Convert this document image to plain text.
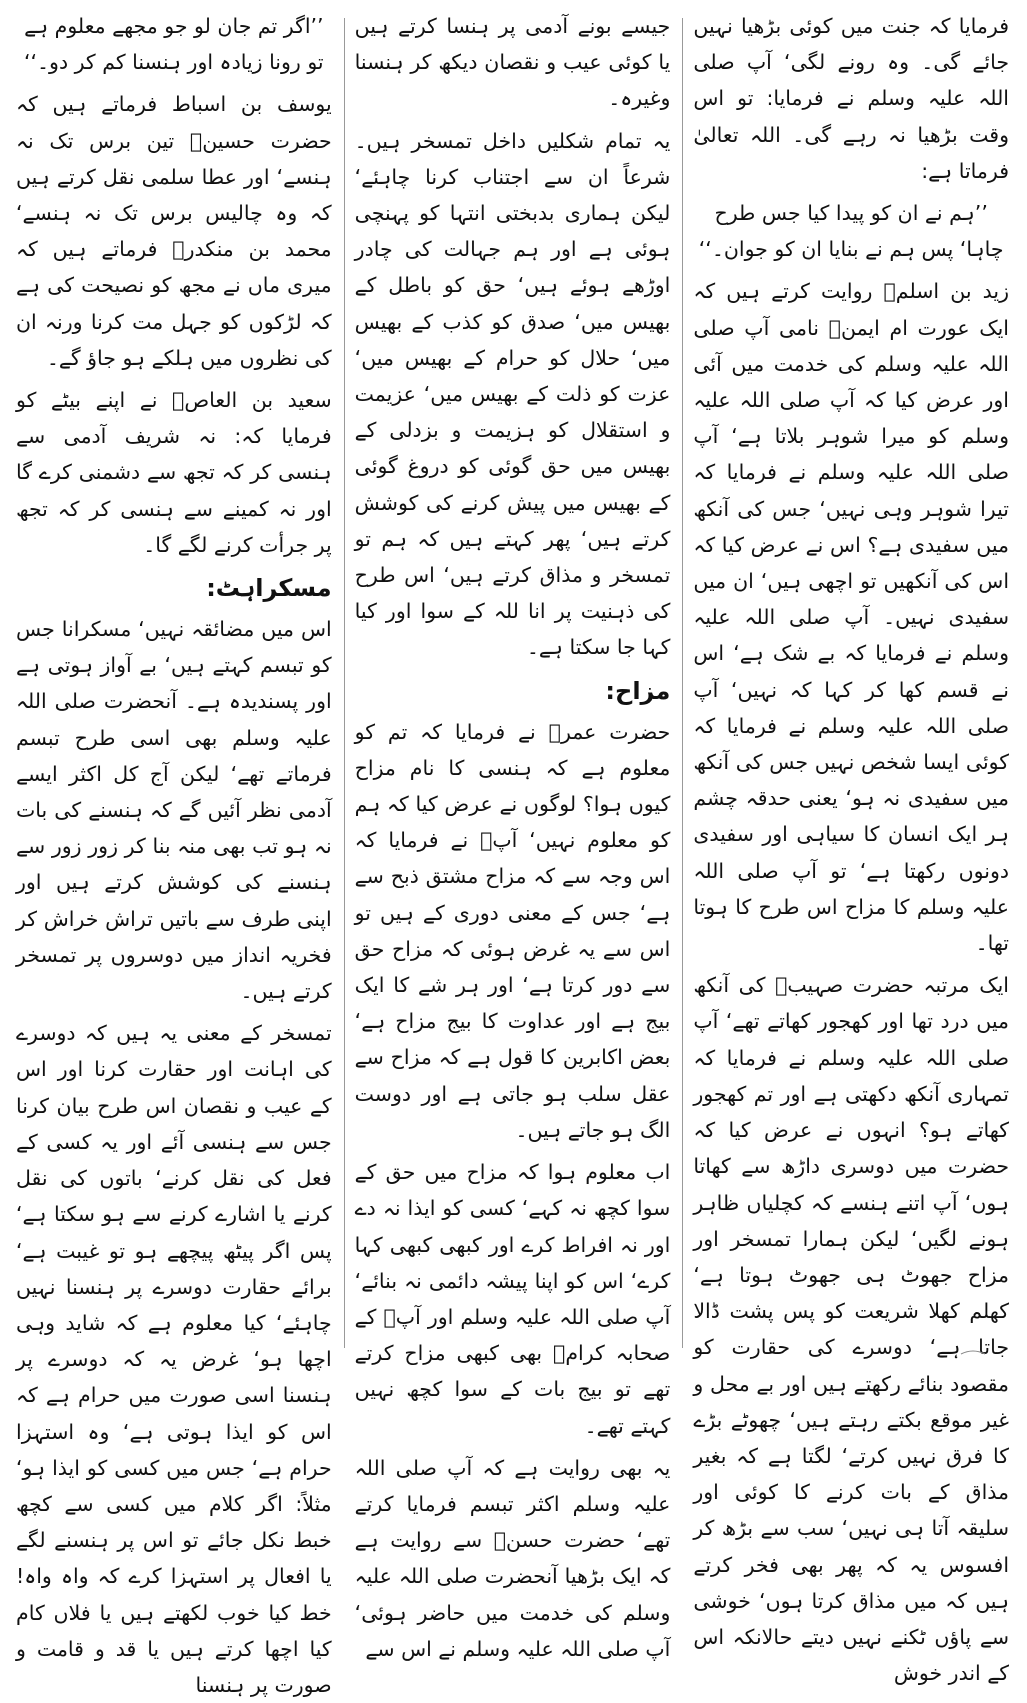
’’اگر تم جان لو جو مجھے معلوم ہے تو رونا زیادہ اور ہنسنا کم کر دو۔‘‘

یوسف بن اسباط فرماتے ہیں کہ حضرت حسینؓ تین برس تک نہ ہنسے‘ اور عطا سلمی نقل کرتے ہیں کہ وہ چالیس برس تک نہ ہنسے‘ محمد بن منکدرؒ فرماتے ہیں کہ میری ماں نے مجھ کو نصیحت کی ہے کہ لڑکوں کو جہل مت کرنا ورنہ ان کی نظروں میں ہلکے ہو جاؤ گے۔

سعید بن العاصؓ نے اپنے بیٹے کو فرمایا کہ: نہ شریف آدمی سے ہنسی کر کہ تجھ سے دشمنی کرے گا اور نہ کمینے سے ہنسی کر کہ تجھ پر جرأت کرنے لگے گا۔

مسکراہٹ:

اس میں مضائقہ نہیں‘ مسکرانا جس کو تبسم کہتے ہیں‘ بے آواز ہوتی ہے اور پسندیدہ ہے۔ آنحضرت صلی اللہ علیہ وسلم بھی اسی طرح تبسم فرماتے تھے‘ لیکن آج کل اکثر ایسے آدمی نظر آئیں گے کہ ہنسنے کی بات نہ ہو تب بھی منہ بنا کر زور زور سے ہنسنے کی کوشش کرتے ہیں اور اپنی طرف سے باتیں تراش خراش کر فخریہ انداز میں دوسروں پر تمسخر کرتے ہیں۔

تمسخر کے معنی یہ ہیں کہ دوسرے کی اہانت اور حقارت کرنا اور اس کے عیب و نقصان اس طرح بیان کرنا جس سے ہنسی آئے اور یہ کسی کے فعل کی نقل کرنے‘ باتوں کی نقل کرنے یا اشارے کرنے سے ہو سکتا ہے‘ پس اگر پیٹھ پیچھے ہو تو غیبت ہے‘ برائے حقارت دوسرے پر ہنسنا نہیں چاہئے‘ کیا معلوم ہے کہ شاید وہی اچھا ہو‘ غرض یہ کہ دوسرے پر ہنسنا اسی صورت میں حرام ہے کہ اس کو ایذا ہوتی ہے‘ وہ استہزا حرام ہے‘ جس میں کسی کو ایذا ہو‘ مثلاً: اگر کلام میں کسی سے کچھ خبط نکل جائے تو اس پر ہنسنے لگے یا افعال پر استہزا کرے کہ واہ واہ! خط کیا خوب لکھتے ہیں یا فلاں کام کیا اچھا کرتے ہیں یا قد و قامت و صورت پر ہنسنا

جیسے بونے آدمی پر ہنسا کرتے ہیں یا کوئی عیب و نقصان دیکھ کر ہنسنا وغیرہ۔

یہ تمام شکلیں داخل تمسخر ہیں۔ شرعاً ان سے اجتناب کرنا چاہئے‘ لیکن ہماری بدبختی انتہا کو پہنچی ہوئی ہے اور ہم جہالت کی چادر اوڑھے ہوئے ہیں‘ حق کو باطل کے بھیس میں‘ صدق کو کذب کے بھیس میں‘ حلال کو حرام کے بھیس میں‘ عزت کو ذلت کے بھیس میں‘ عزیمت و استقلال کو ہزیمت و بزدلی کے بھیس میں حق گوئی کو دروغ گوئی کے بھیس میں پیش کرنے کی کوشش کرتے ہیں‘ پھر کہتے ہیں کہ ہم تو تمسخر و مذاق کرتے ہیں‘ اس طرح کی ذہنیت پر انا للہ کے سوا اور کیا کہا جا سکتا ہے۔

مزاح:

حضرت عمرؓ نے فرمایا کہ تم کو معلوم ہے کہ ہنسی کا نام مزاح کیوں ہوا؟ لوگوں نے عرض کیا کہ ہم کو معلوم نہیں‘ آپؓ نے فرمایا کہ اس وجہ سے کہ مزاح مشتق ذبح سے ہے‘ جس کے معنی دوری کے ہیں تو اس سے یہ غرض ہوئی کہ مزاح حق سے دور کرتا ہے‘ اور ہر شے کا ایک بیج ہے اور عداوت کا بیج مزاح ہے‘ بعض اکابرین کا قول ہے کہ مزاح سے عقل سلب ہو جاتی ہے اور دوست الگ ہو جاتے ہیں۔

اب معلوم ہوا کہ مزاح میں حق کے سوا کچھ نہ کہے‘ کسی کو ایذا نہ دے اور نہ افراط کرے اور کبھی کبھی کہا کرے‘ اس کو اپنا پیشہ دائمی نہ بنائے‘ آپ صلی اللہ علیہ وسلم اور آپؐ کے صحابہ کرامؓ بھی کبھی مزاح کرتے تھے تو بیج بات کے سوا کچھ نہیں کہتے تھے۔

یہ بھی روایت ہے کہ آپ صلی اللہ علیہ وسلم اکثر تبسم فرمایا کرتے تھے‘ حضرت حسنؓ سے روایت ہے کہ ایک بڑھیا آنحضرت صلی اللہ علیہ وسلم کی خدمت میں حاضر ہوئی‘ آپ صلی اللہ علیہ وسلم نے اس سے

فرمایا کہ جنت میں کوئی بڑھیا نہیں جائے گی۔ وہ رونے لگی‘ آپ صلی اللہ علیہ وسلم نے فرمایا: تو اس وقت بڑھیا نہ رہے گی۔ اللہ تعالیٰ فرماتا ہے:

’’ہم نے ان کو پیدا کیا جس طرح چاہا‘ پس ہم نے بنایا ان کو جوان۔‘‘

زید بن اسلمؒ روایت کرتے ہیں کہ ایک عورت ام ایمنؓ نامی آپ صلی اللہ علیہ وسلم کی خدمت میں آئی اور عرض کیا کہ آپ صلی اللہ علیہ وسلم کو میرا شوہر بلاتا ہے‘ آپ صلی اللہ علیہ وسلم نے فرمایا کہ تیرا شوہر وہی نہیں‘ جس کی آنکھ میں سفیدی ہے؟ اس نے عرض کیا کہ اس کی آنکھیں تو اچھی ہیں‘ ان میں سفیدی نہیں۔ آپ صلی اللہ علیہ وسلم نے فرمایا کہ بے شک ہے‘ اس نے قسم کھا کر کہا کہ نہیں‘ آپ صلی اللہ علیہ وسلم نے فرمایا کہ کوئی ایسا شخص نہیں جس کی آنکھ میں سفیدی نہ ہو‘ یعنی حدقہ چشم ہر ایک انسان کا سیاہی اور سفیدی دونوں رکھتا ہے‘ تو آپ صلی اللہ علیہ وسلم کا مزاح اس طرح کا ہوتا تھا۔

ایک مرتبہ حضرت صہیبؓ کی آنکھ میں درد تھا اور کھجور کھاتے تھے‘ آپ صلی اللہ علیہ وسلم نے فرمایا کہ تمہاری آنکھ دکھتی ہے اور تم کھجور کھاتے ہو؟ انہوں نے عرض کیا کہ حضرت میں دوسری داڑھ سے کھاتا ہوں‘ آپ اتنے ہنسے کہ کچلیاں ظاہر ہونے لگیں‘ لیکن ہمارا تمسخر اور مزاح جھوٹ ہی جھوٹ ہوتا ہے‘ کھلم کھلا شریعت کو پس پشت ڈالا جاتا ہے‘ دوسرے کی حقارت کو مقصود بنائے رکھتے ہیں اور بے محل و غیر موقع بکتے رہتے ہیں‘ چھوٹے بڑے کا فرق نہیں کرتے‘ لگتا ہے کہ بغیر مذاق کے بات کرنے کا کوئی اور سلیقہ آتا ہی نہیں‘ سب سے بڑھ کر افسوس یہ کہ پھر بھی فخر کرتے ہیں کہ میں مذاق کرتا ہوں‘ خوشی سے پاؤں ٹکنے نہیں دیتے حالانکہ اس کے اندر خوش
